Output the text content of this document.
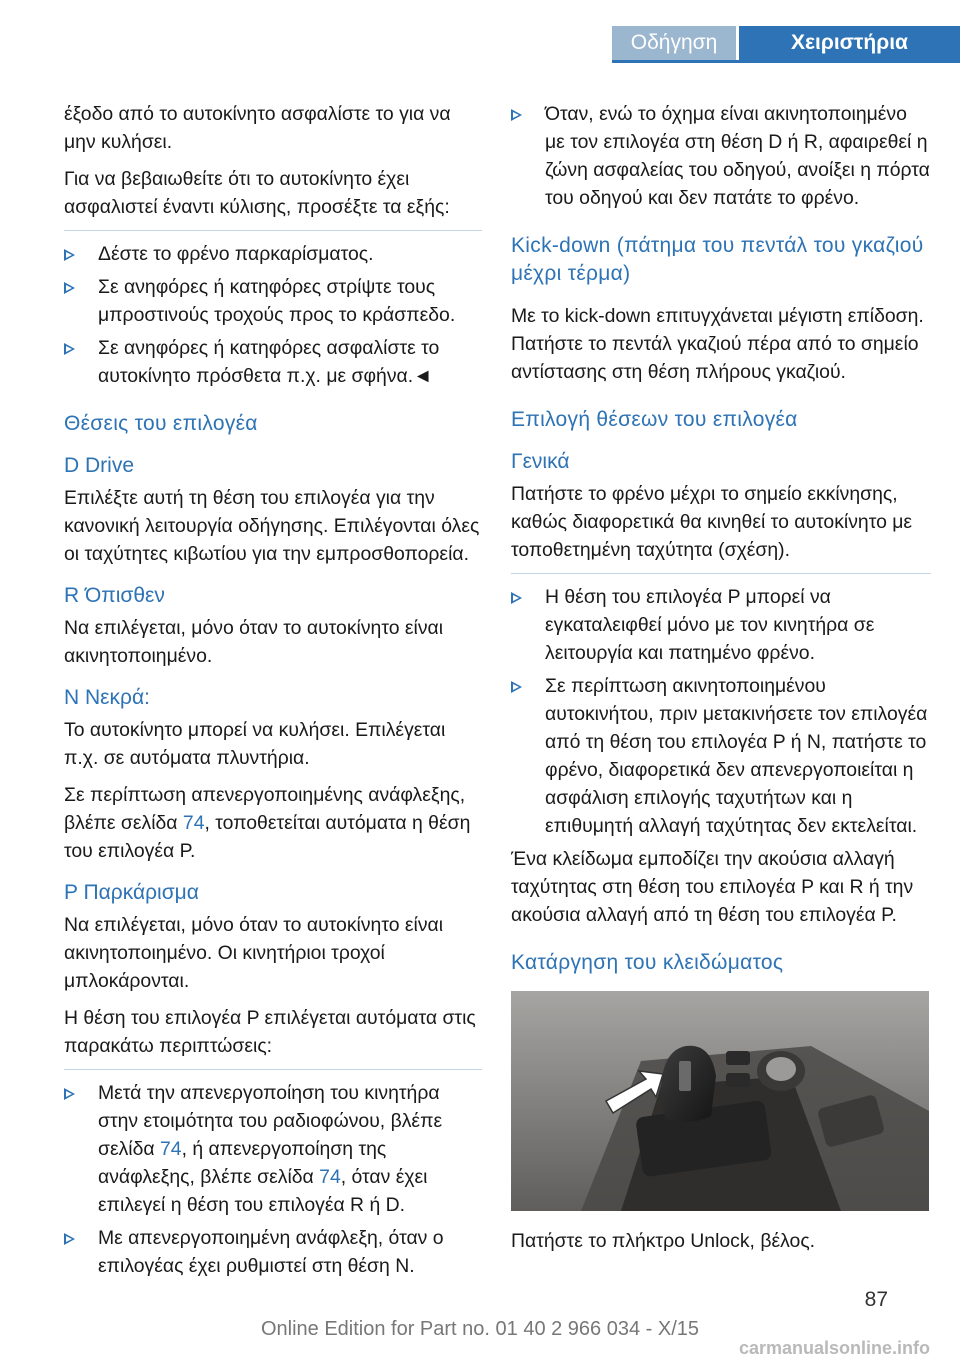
Οδήγηση	Χειριστήρια

έξοδο από το αυτοκίνητο ασφαλίστε το για να μην κυλήσει.

Για να βεβαιωθείτε ότι το αυτοκίνητο έχει ασφαλιστεί έναντι κύλισης, προσέξτε τα εξής:

Δέστε το φρένο παρκαρίσματος.
Σε ανηφόρες ή κατηφόρες στρίψτε τους μπροστινούς τροχούς προς το κράσπεδο.
Σε ανηφόρες ή κατηφόρες ασφαλίστε το αυτοκίνητο πρόσθετα π.χ. με σφήνα.◄
Θέσεις του επιλογέα
D Drive

Επιλέξτε αυτή τη θέση του επιλογέα για την κανονική λειτουργία οδήγησης. Επιλέγονται όλες οι ταχύτητες κιβωτίου για την εμπροσθοπορεία.

R Όπισθεν

Να επιλέγεται, μόνο όταν το αυτοκίνητο είναι ακινητοποιημένο.

N Νεκρά:

Το αυτοκίνητο μπορεί να κυλήσει. Επιλέγεται π.χ. σε αυτόματα πλυντήρια.

Σε περίπτωση απενεργοποιημένης ανάφλεξης, βλέπε σελίδα 74, τοποθετείται αυτόματα η θέση του επιλογέα P.

P Παρκάρισμα

Να επιλέγεται, μόνο όταν το αυτοκίνητο είναι ακινητοποιημένο. Οι κινητήριοι τροχοί μπλοκάρονται.

Η θέση του επιλογέα P επιλέγεται αυτόματα στις παρακάτω περιπτώσεις:

Μετά την απενεργοποίηση του κινητήρα στην ετοιμότητα του ραδιοφώνου, βλέπε σελίδα 74, ή απενεργοποίηση της ανάφλεξης, βλέπε σελίδα 74, όταν έχει επιλεγεί η θέση του επιλογέα R ή D.
Με απενεργοποιημένη ανάφλεξη, όταν ο επιλογέας έχει ρυθμιστεί στη θέση N.
Όταν, ενώ το όχημα είναι ακινητοποιημένο με τον επιλογέα στη θέση D ή R, αφαιρεθεί η ζώνη ασφαλείας του οδηγού, ανοίξει η πόρτα του οδηγού και δεν πατάτε το φρένο.
Kick-down (πάτημα του πεντάλ του γκαζιού μέχρι τέρμα)

Με το kick-down επιτυγχάνεται μέγιστη επίδοση. Πατήστε το πεντάλ γκαζιού πέρα από το σημείο αντίστασης στη θέση πλήρους γκαζιού.

Επιλογή θέσεων του επιλογέα
Γενικά

Πατήστε το φρένο μέχρι το σημείο εκκίνησης, καθώς διαφορετικά θα κινηθεί το αυτοκίνητο με τοποθετημένη ταχύτητα (σχέση).

Η θέση του επιλογέα P μπορεί να εγκαταλειφθεί μόνο με τον κινητήρα σε λειτουργία και πατημένο φρένο.
Σε περίπτωση ακινητοποιημένου αυτοκινήτου, πριν μετακινήσετε τον επιλογέα από τη θέση του επιλογέα P ή N, πατήστε το φρένο, διαφορετικά δεν απενεργοποιείται η ασφάλιση επιλογής ταχυτήτων και η επιθυμητή αλλαγή ταχύτητας δεν εκτελείται.

Ένα κλείδωμα εμποδίζει την ακούσια αλλαγή ταχύτητας στη θέση του επιλογέα P και R ή την ακούσια αλλαγή από τη θέση του επιλογέα P.

Κατάργηση του κλειδώματος

Πατήστε το πλήκτρο Unlock, βέλος.

87
Online Edition for Part no. 01 40 2 966 034 - X/15
carmanualsonline.info
